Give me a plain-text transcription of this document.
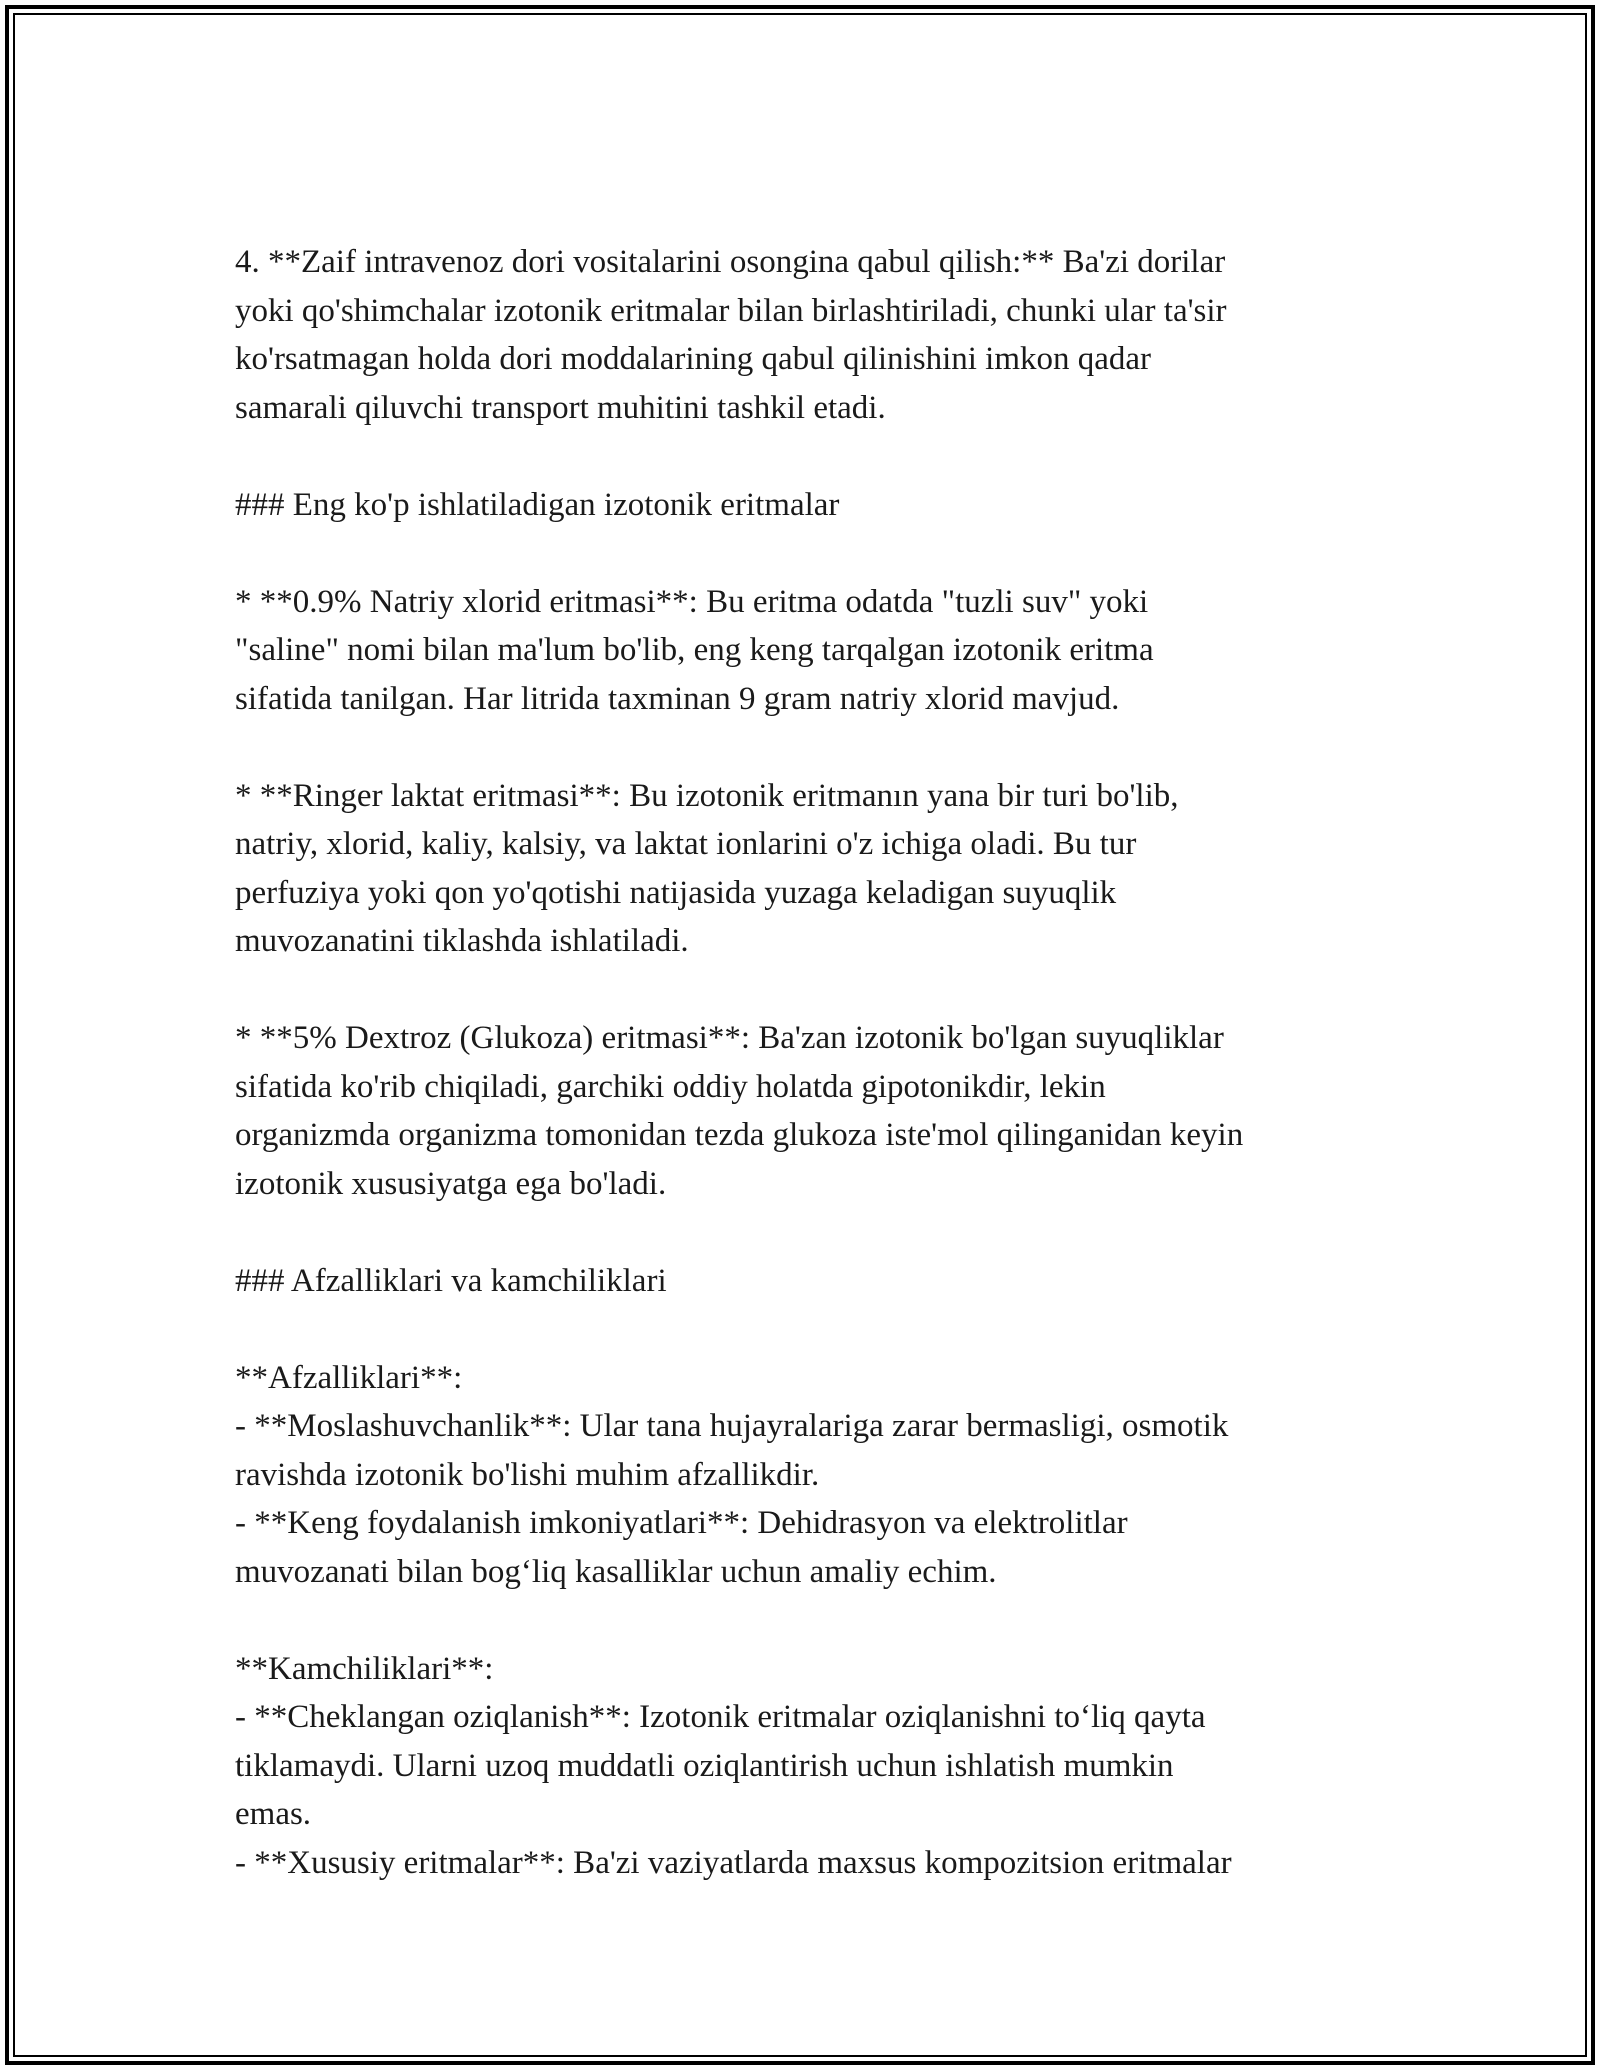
4. **Zaif intravenoz dori vositalarini osongina qabul qilish:** Ba'zi dorilar
yoki qo'shimchalar izotonik eritmalar bilan birlashtiriladi, chunki ular ta'sir
ko'rsatmagan holda dori moddalarining qabul qilinishini imkon qadar
samarali qiluvchi transport muhitini tashkil etadi.
### Eng ko'p ishlatiladigan izotonik eritmalar
* **0.9% Natriy xlorid eritmasi**: Bu eritma odatda "tuzli suv" yoki
"saline" nomi bilan ma'lum bo'lib, eng keng tarqalgan izotonik eritma
sifatida tanilgan. Har litrida taxminan 9 gram natriy xlorid mavjud.
* **Ringer laktat eritmasi**: Bu izotonik eritmanın yana bir turi bo'lib,
natriy, xlorid, kaliy, kalsiy, va laktat ionlarini o'z ichiga oladi. Bu tur
perfuziya yoki qon yo'qotishi natijasida yuzaga keladigan suyuqlik
muvozanatini tiklashda ishlatiladi.
* **5% Dextroz (Glukoza) eritmasi**: Ba'zan izotonik bo'lgan suyuqliklar
sifatida ko'rib chiqiladi, garchiki oddiy holatda gipotonikdir, lekin
organizmda organizma tomonidan tezda glukoza iste'mol qilinganidan keyin
izotonik xususiyatga ega bo'ladi.
### Afzalliklari va kamchiliklari
**Afzalliklari**:
- **Moslashuvchanlik**: Ular tana hujayralariga zarar bermasligi, osmotik
ravishda izotonik bo'lishi muhim afzallikdir.
- **Keng foydalanish imkoniyatlari**: Dehidrasyon va elektrolitlar
muvozanati bilan bog‘liq kasalliklar uchun amaliy echim.
**Kamchiliklari**:
- **Cheklangan oziqlanish**: Izotonik eritmalar oziqlanishni to‘liq qayta
tiklamaydi. Ularni uzoq muddatli oziqlantirish uchun ishlatish mumkin
emas.
- **Xususiy eritmalar**: Ba'zi vaziyatlarda maxsus kompozitsion eritmalar
